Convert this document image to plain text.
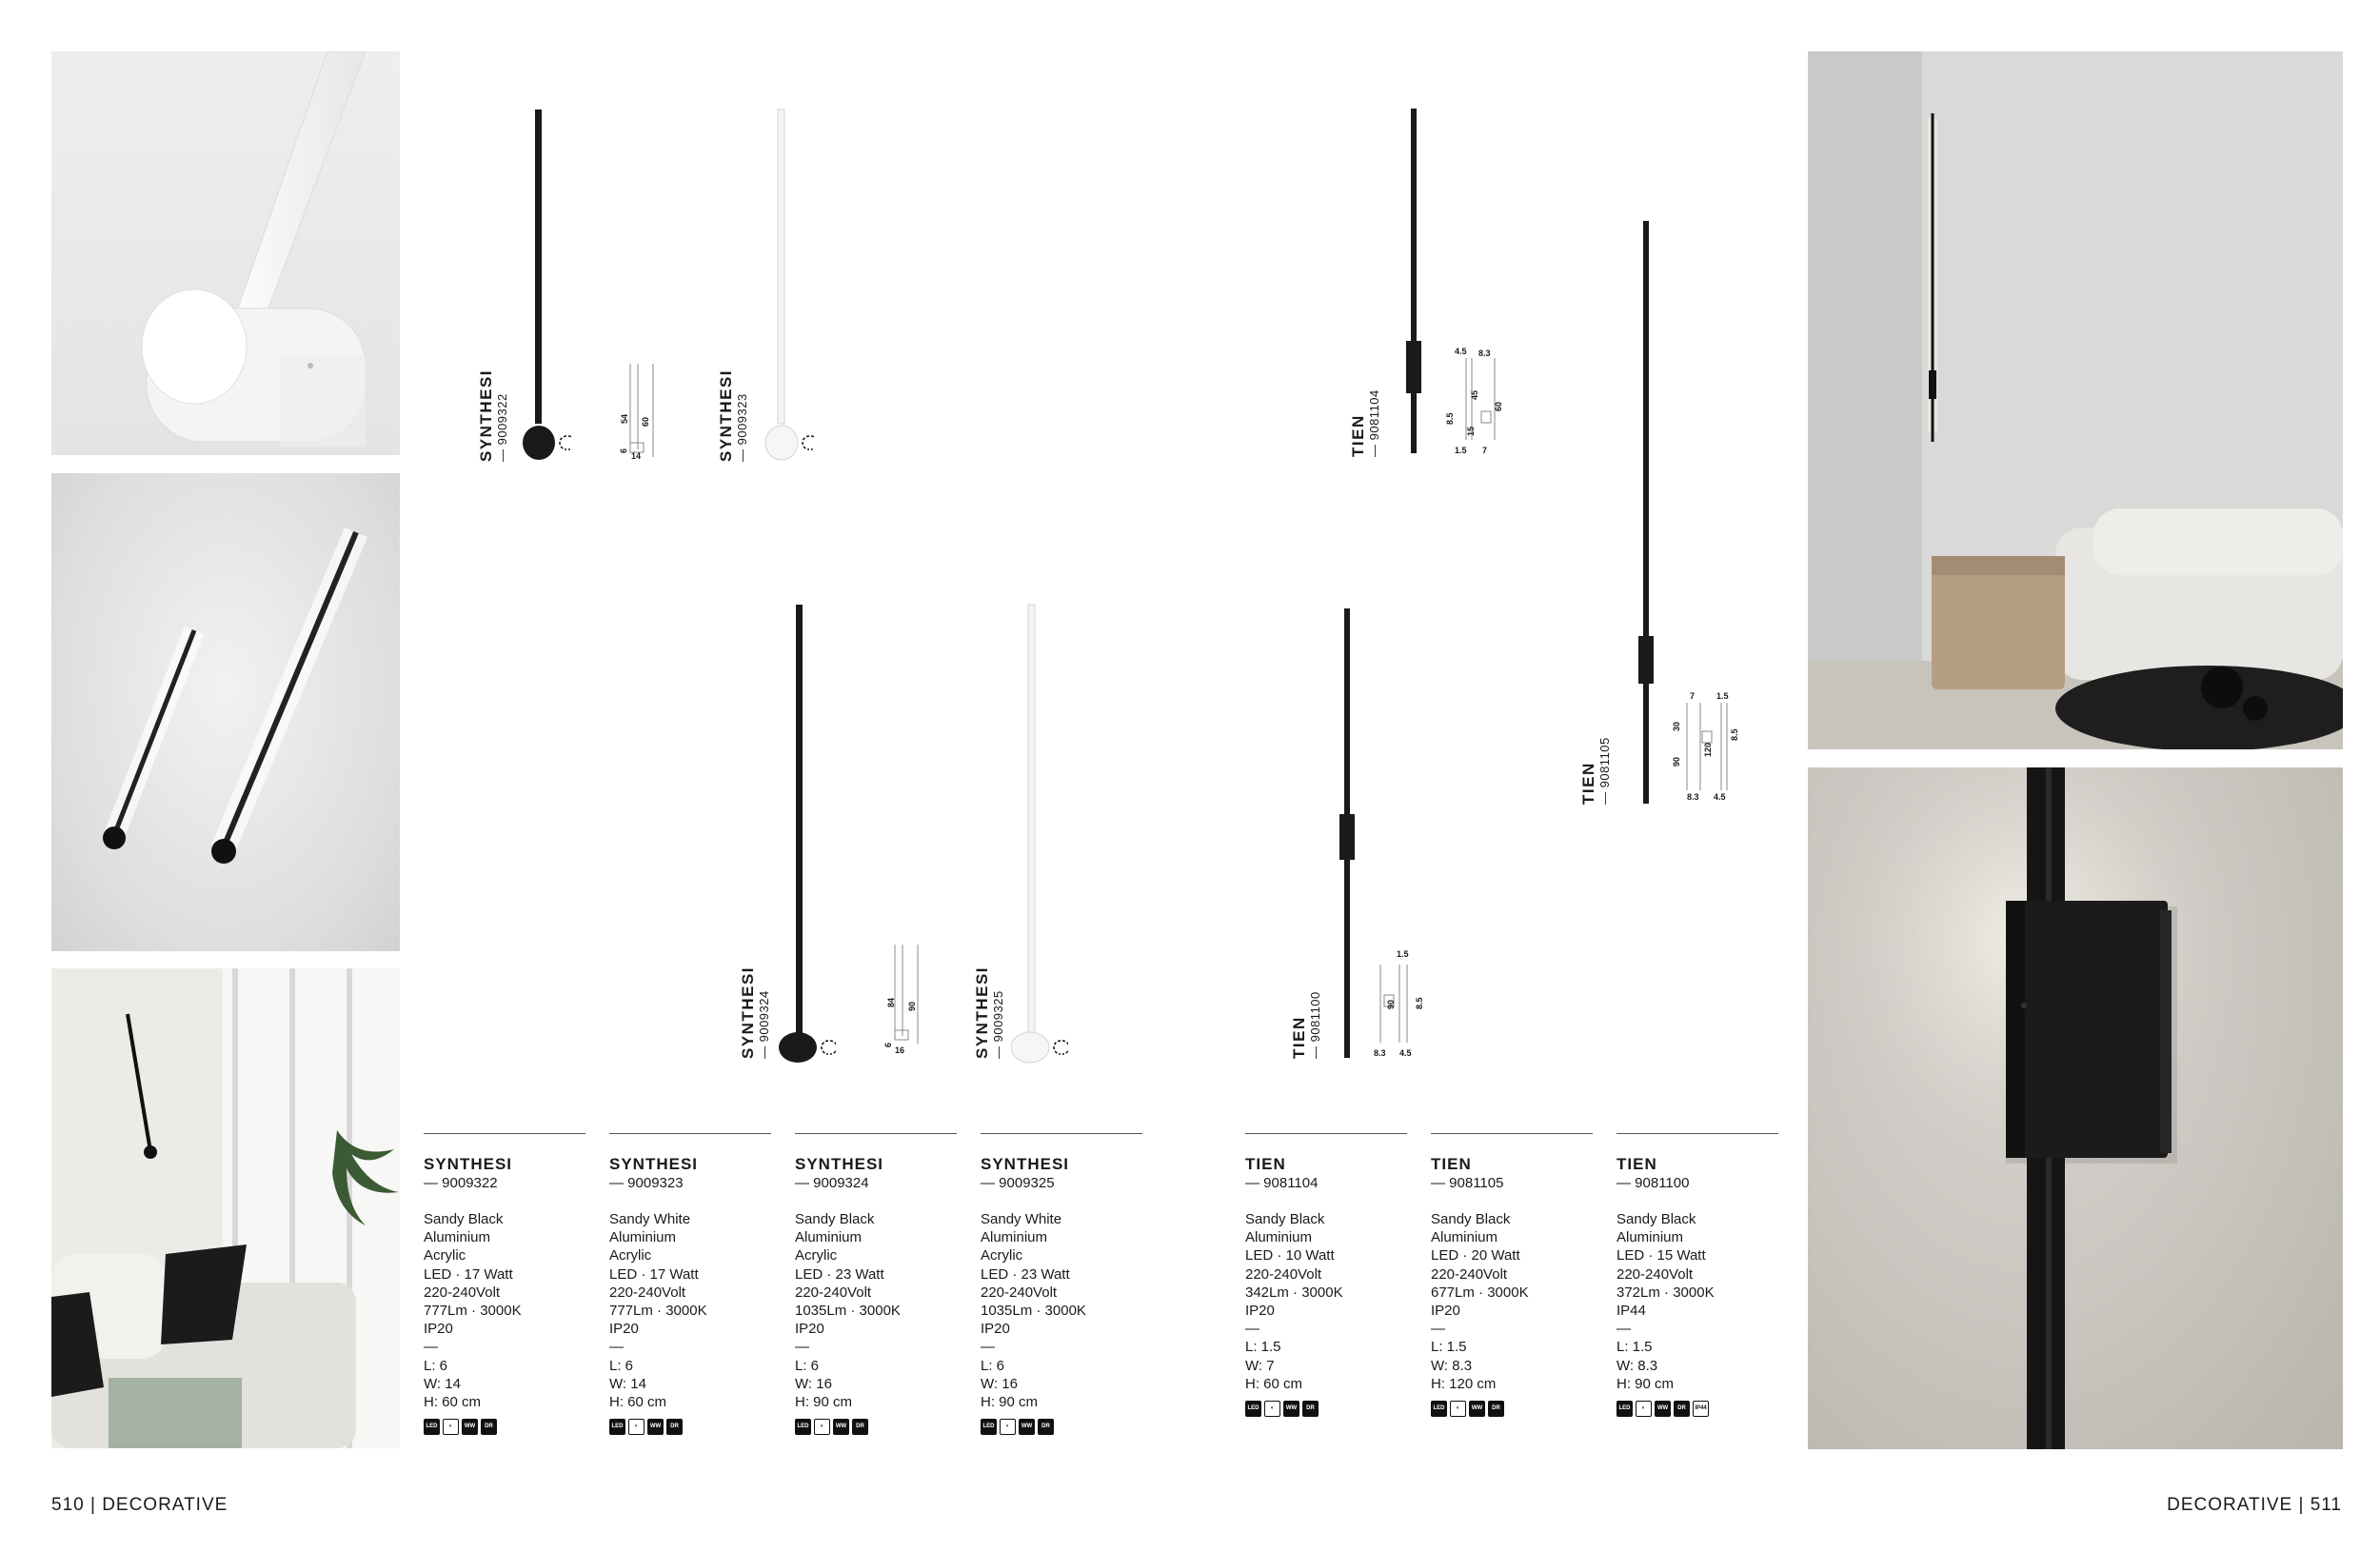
SYNTHESI — 9009322	54 60
6
14	SYNTHESI — 9009323
SYNTHESI — 9009324	84 90
6
16	SYNTHESI — 9009325
TIEN — 9081104
4.5 8.3
45
60
8.5
15
1.5 7
TIEN — 9081105
7	1.5
30
90
120
8.5
8.3 4.5
TIEN — 9081100
1.5
90 8.5
8.3 4.5
SYNTHESI
— 9009322
Sandy Black
Aluminium
Acrylic
LED · 17 Watt
220-240Volt
777Lm · 3000K
IP20
—
L: 6
W: 14
H: 60 cm
LED	◐	WW	DR
SYNTHESI
— 9009323
Sandy White
Aluminium
Acrylic
LED · 17 Watt
220-240Volt
777Lm · 3000K
IP20
—
L: 6
W: 14
H: 60 cm
LED	◐	WW	DR
SYNTHESI
— 9009324
Sandy Black
Aluminium
Acrylic
LED · 23 Watt
220-240Volt
1035Lm · 3000K
IP20
—
L: 6
W: 16
H: 90 cm
LED	◐	WW	DR
SYNTHESI
— 9009325
Sandy White
Aluminium
Acrylic
LED · 23 Watt
220-240Volt
1035Lm · 3000K
IP20
—
L: 6
W: 16
H: 90 cm
LED	◐	WW	DR
TIEN
— 9081104
Sandy Black
Aluminium
LED · 10 Watt
220-240Volt
342Lm · 3000K
IP20
—
L: 1.5
W: 7
H: 60 cm
LED	◐	WW	DR
TIEN
— 9081105
Sandy Black
Aluminium
LED · 20 Watt
220-240Volt
677Lm · 3000K
IP20
—
L: 1.5
W: 8.3
H: 120 cm
LED	◐	WW	DR
TIEN
— 9081100
Sandy Black
Aluminium
LED · 15 Watt
220-240Volt
372Lm · 3000K
IP44
—
L: 1.5
W: 8.3
H: 90 cm
LED	◐	WW	DR	IP44
510 | DECORATIVE	DECORATIVE | 511
